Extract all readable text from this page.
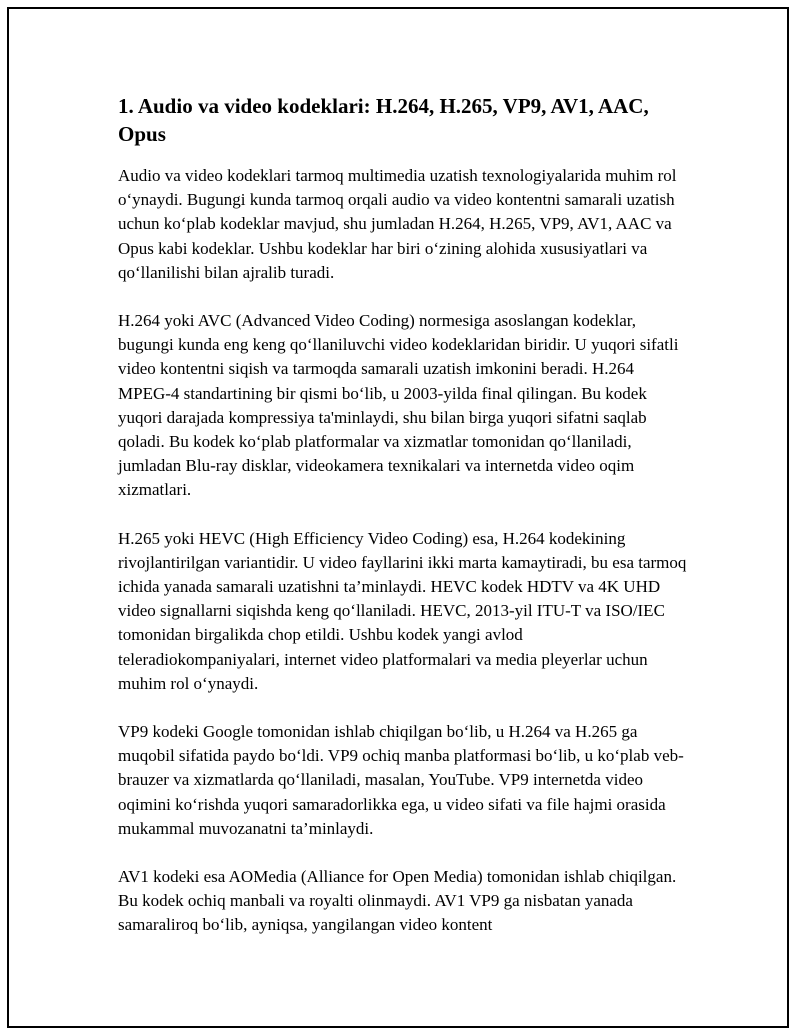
1. Audio va video kodeklari: H.264, H.265, VP9, AV1, AAC, Opus

Audio va video kodeklari tarmoq multimedia uzatish texnologiyalarida muhim rol o‘ynaydi. Bugungi kunda tarmoq orqali audio va video kontentni samarali uzatish uchun ko‘plab kodeklar mavjud, shu jumladan H.264, H.265, VP9, AV1, AAC va Opus kabi kodeklar. Ushbu kodeklar har biri o‘zining alohida xususiyatlari va qo‘llanilishi bilan ajralib turadi.

H.264 yoki AVC (Advanced Video Coding) normesiga asoslangan kodeklar, bugungi kunda eng keng qo‘llaniluvchi video kodeklaridan biridir. U yuqori sifatli video kontentni siqish va tarmoqda samarali uzatish imkonini beradi. H.264 MPEG-4 standartining bir qismi bo‘lib, u 2003-yilda final qilingan. Bu kodek yuqori darajada kompressiya ta'minlaydi, shu bilan birga yuqori sifatni saqlab qoladi. Bu kodek ko‘plab platformalar va xizmatlar tomonidan qo‘llaniladi, jumladan Blu-ray disklar, videokamera texnikalari va internetda video oqim xizmatlari.

H.265 yoki HEVC (High Efficiency Video Coding) esa, H.264 kodekining rivojlantirilgan variantidir. U video fayllarini ikki marta kamaytiradi, bu esa tarmoq ichida yanada samarali uzatishni ta’minlaydi. HEVC kodek HDTV va 4K UHD video signallarni siqishda keng qo‘llaniladi. HEVC, 2013-yil ITU-T va ISO/IEC tomonidan birgalikda chop etildi. Ushbu kodek yangi avlod teleradiokompaniyalari, internet video platformalari va media pleyerlar uchun muhim rol o‘ynaydi.

VP9 kodeki Google tomonidan ishlab chiqilgan bo‘lib, u H.264 va H.265 ga muqobil sifatida paydo bo‘ldi. VP9 ochiq manba platformasi bo‘lib, u ko‘plab veb-brauzer va xizmatlarda qo‘llaniladi, masalan, YouTube. VP9 internetda video oqimini ko‘rishda yuqori samaradorlikka ega, u video sifati va file hajmi orasida mukammal muvozanatni ta’minlaydi.

AV1 kodeki esa AOMedia (Alliance for Open Media) tomonidan ishlab chiqilgan. Bu kodek ochiq manbali va royalti olinmaydi. AV1 VP9 ga nisbatan yanada samaraliroq bo‘lib, ayniqsa, yangilangan video kontent
